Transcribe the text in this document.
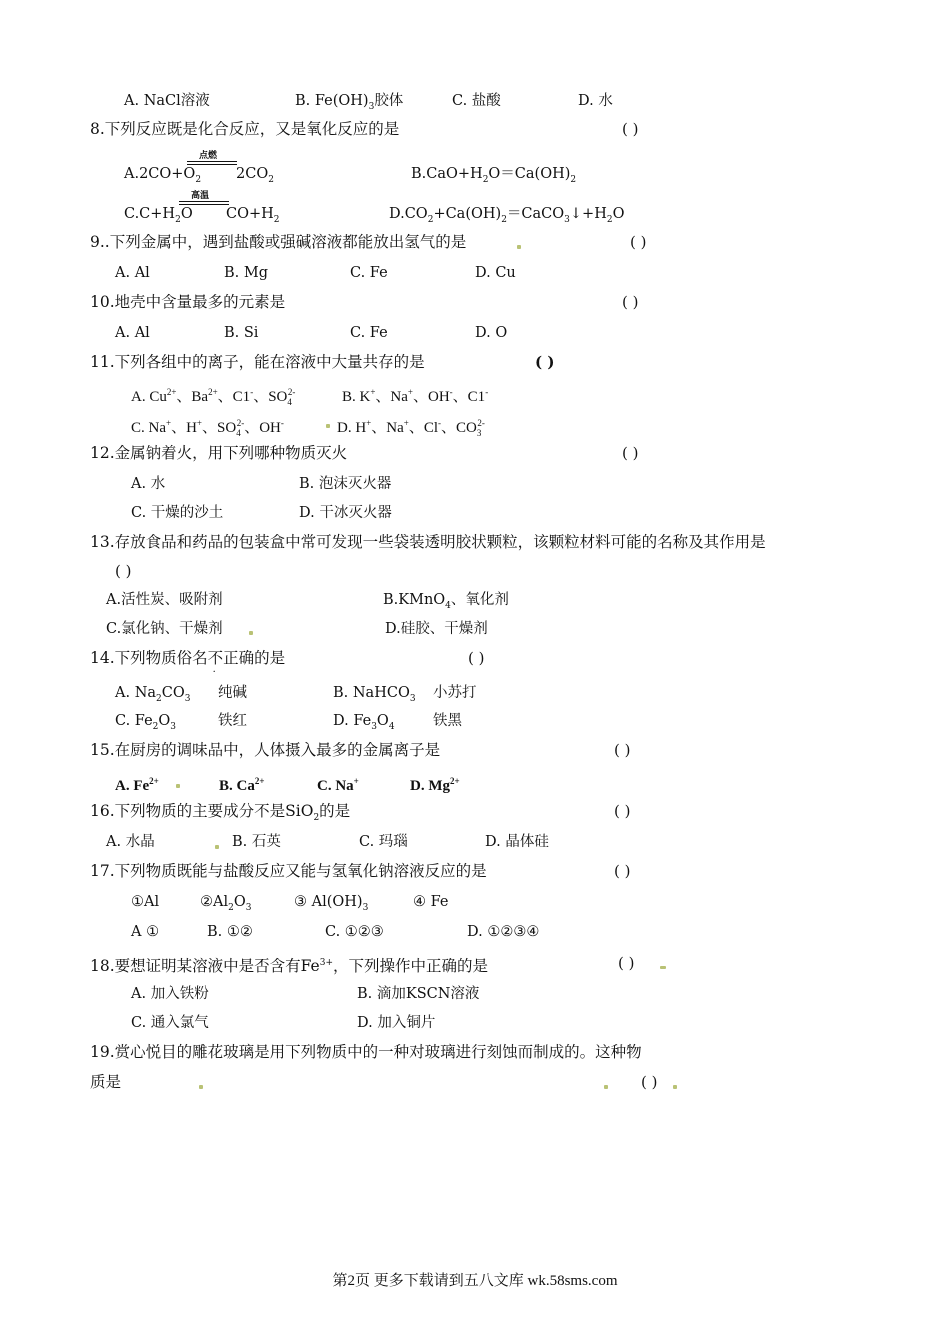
A. NaCl溶液	B. $Fe(OH)_3$胶体	C. 盐酸	D. 水
8.下列反应既是化合反应，又是氧化反应的是	( )
$A.2CO+O_2$
点燃
$2CO_2$	$B.CaO+H_2O=Ca(OH)_2$
$C.C+H_2O$
高温
$CO+H_2$	$D.CO_2+Ca(OH)_2=CaCO_3↓+H_2O$
9..下列金属中，遇到盐酸或强碱溶液都能放出氢气的是	( )
A. Al	B. Mg	C. Fe	D. Cu
10.地壳中含量最多的元素是	( )
A. Al	B. Si	C. Fe	D. O
11.下列各组中的离子，能在溶液中大量共存的是	( )
A. $Cu^{2+}$、$Ba^{2+}$、C1-、$SO_4^{2-}$	B. K+、Na+、OH-、C1-
C. Na+、H+、$SO_4^{2-}$、OH-	D. H+、Na+、Cl-、$CO_3^{2-}$
12.金属钠着火，用下列哪种物质灭火	( )
A. 水	B. 泡沫灭火器
C. 干燥的沙土	D. 干冰灭火器
13.存放食品和药品的包装盒中常可发现一些袋装透明胶状颗粒，该颗粒材料可能的名称及其作用是
( )
A.活性炭、吸附剂	B.KMnO$_4$、氧化剂
C.氯化钠、干燥剂	D.硅胶、干燥剂
14.下列物质俗名不
·
正确的是	( )
A. $Na_2CO_3$ 纯碱	B. NaHCO$_3$ 小苏打
C. $Fe_2O_3$	铁红	D. $Fe_3O_4$	铁黑
15.在厨房的调味品中，人体摄入最多的金属离子是	( )
A. $Fe^{2+}$	B. $Ca^{2+}$	C. Na+	D. $Mg^{2+}$
16.下列物质的主要成分不是SiO$_2$的是	( )
A. 水晶	B. 石英	C. 玛瑙	D. 晶体硅
17.下列物质既能与盐酸反应又能与氢氧化钠溶液反应的是	( )
①Al	$②Al_2O_3$	③ $Al(OH)_3$	④ Fe
A ①	B. ①②	C. ①②③	D. ①②③④
18.要想证明某溶液中是否含有$Fe^{3+}$，下列操作中正确的是	( )
A. 加入铁粉	B. 滴加KSCN溶液
C. 通入氯气	D. 加入铜片
19.赏心悦目的雕花玻璃是用下列物质中的一种对玻璃进行刻蚀而制成的。这种物
质是	( )
第2页 更多下载请到五八文库 wk.58sms.com
